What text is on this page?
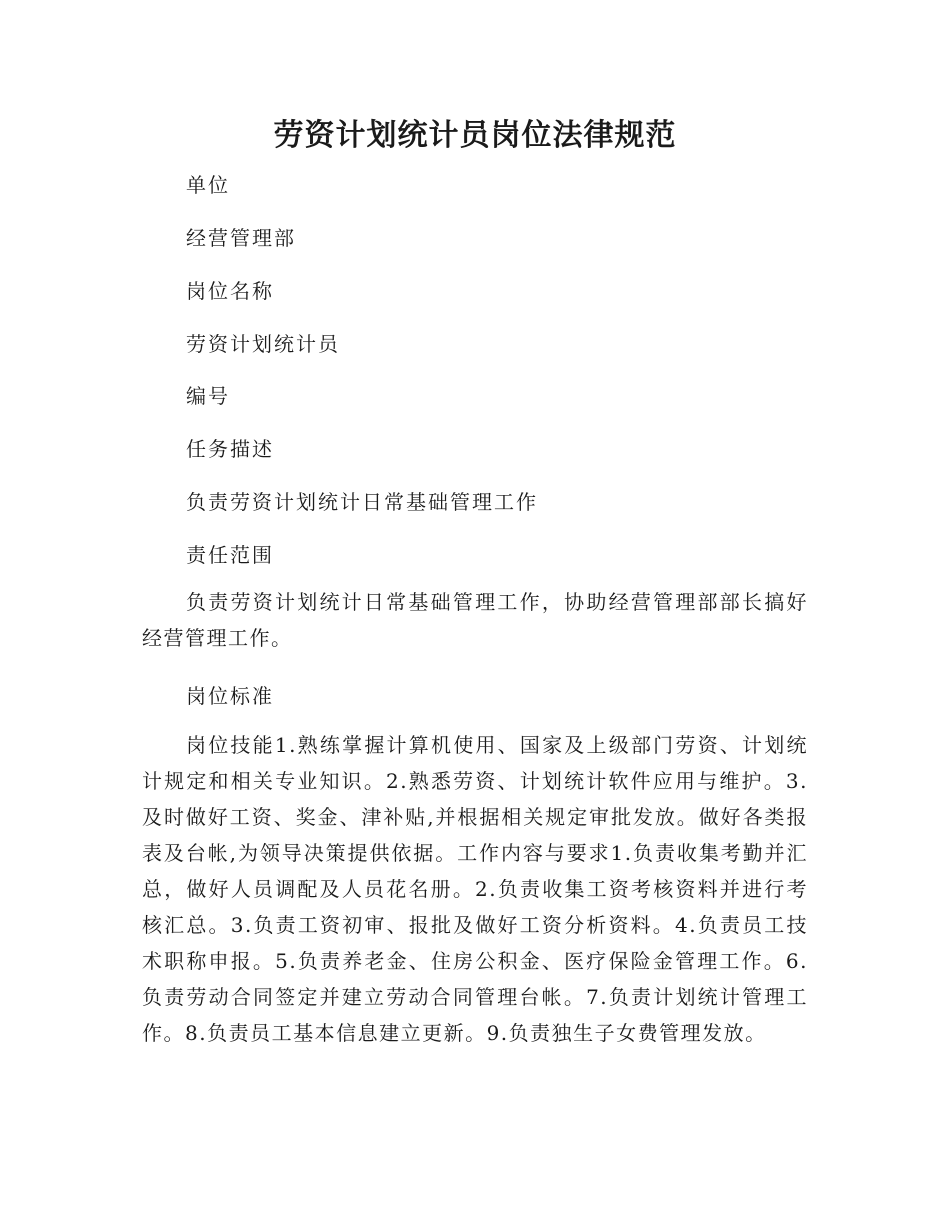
劳资计划统计员岗位法律规范

单位

经营管理部

岗位名称

劳资计划统计员

编号

任务描述

负责劳资计划统计日常基础管理工作

责任范围

负责劳资计划统计日常基础管理工作，协助经营管理部部长搞好经营管理工作。

岗位标准

岗位技能1.熟练掌握计算机使用、国家及上级部门劳资、计划统计规定和相关专业知识。2.熟悉劳资、计划统计软件应用与维护。3.及时做好工资、奖金、津补贴,并根据相关规定审批发放。做好各类报表及台帐,为领导决策提供依据。工作内容与要求1.负责收集考勤并汇总，做好人员调配及人员花名册。2.负责收集工资考核资料并进行考核汇总。3.负责工资初审、报批及做好工资分析资料。4.负责员工技术职称申报。5.负责养老金、住房公积金、医疗保险金管理工作。6.负责劳动合同签定并建立劳动合同管理台帐。7.负责计划统计管理工作。8.负责员工基本信息建立更新。9.负责独生子女费管理发放。
